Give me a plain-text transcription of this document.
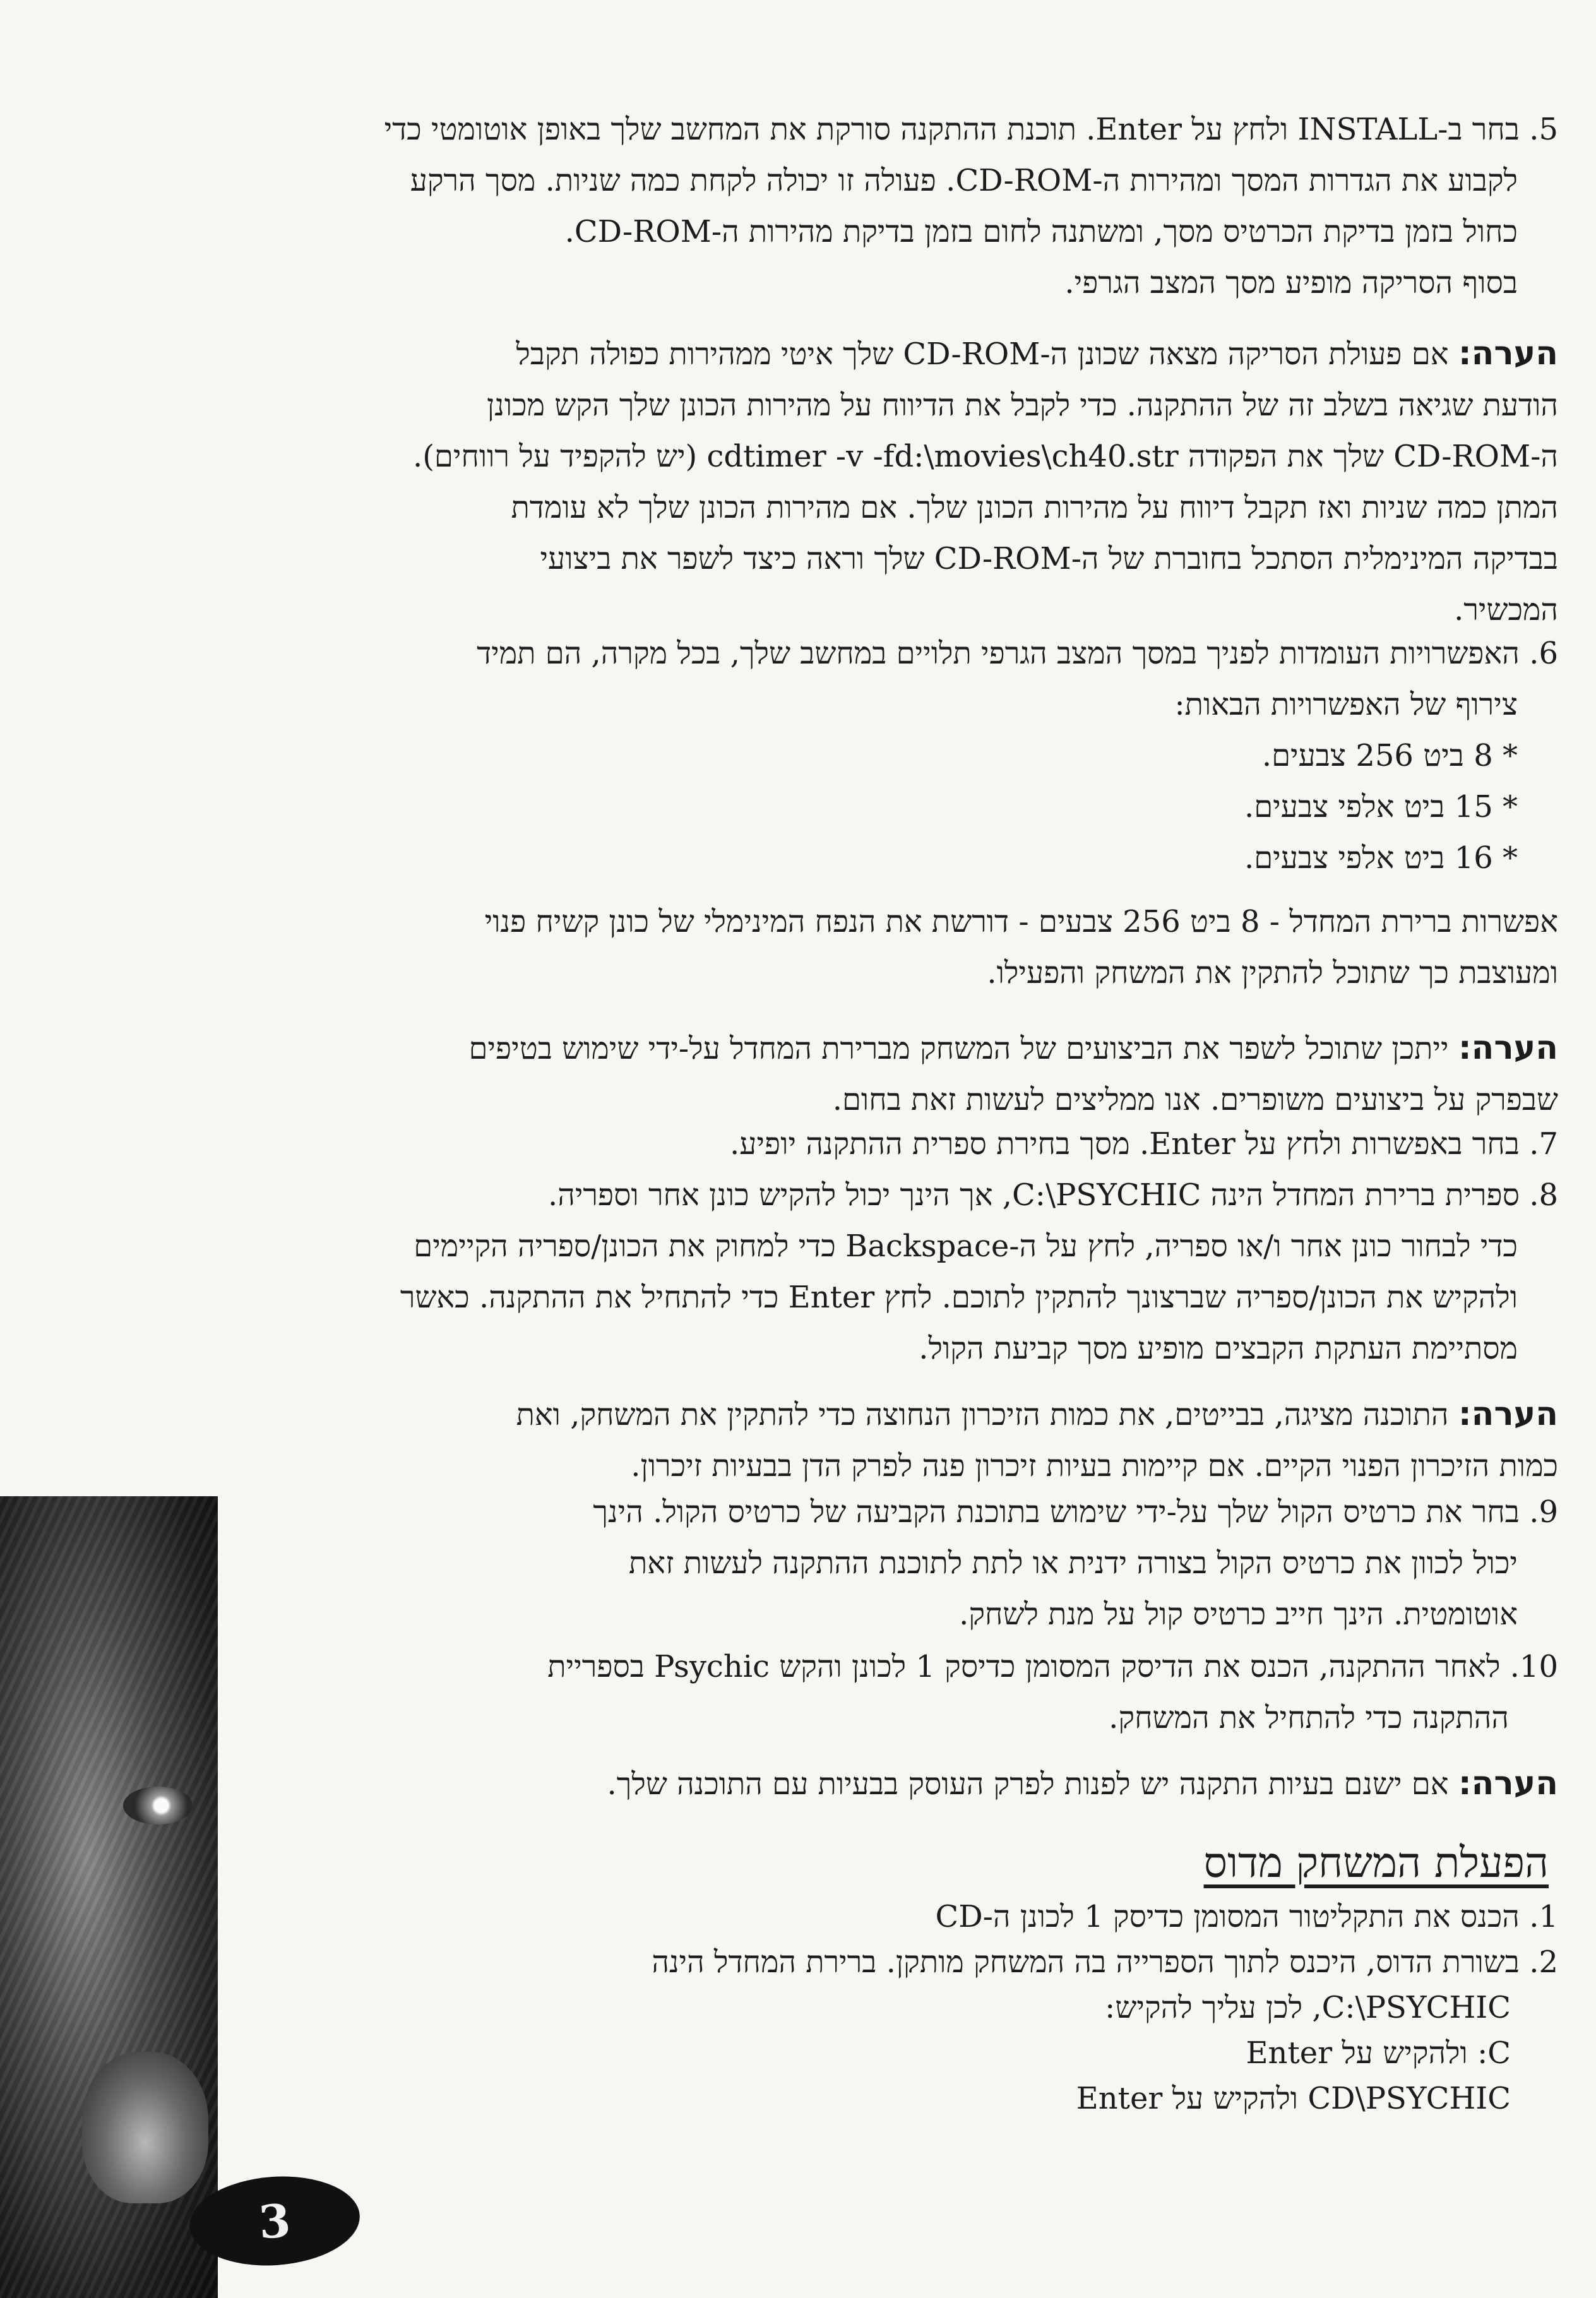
5. בחר ב-INSTALL ולחץ על Enter. תוכנת ההתקנה סורקת את המחשב שלך באופן אוטומטי כדי

לקבוע את הגדרות המסך ומהירות ה-CD-ROM. פעולה זו יכולה לקחת כמה שניות. מסך הרקע

כחול בזמן בדיקת הכרטיס מסך, ומשתנה לחום בזמן בדיקת מהירות ה-CD-ROM.

בסוף הסריקה מופיע מסך המצב הגרפי.

הערה: אם פעולת הסריקה מצאה שכונן ה-CD-ROM שלך איטי ממהירות כפולה תקבל

הודעת שגיאה בשלב זה של ההתקנה. כדי לקבל את הדיווח על מהירות הכונן שלך הקש מכונן

ה-CD-ROM שלך את הפקודה cdtimer -v -fd:\movies\ch40.str (יש להקפיד על רווחים).

המתן כמה שניות ואז תקבל דיווח על מהירות הכונן שלך. אם מהירות הכונן שלך לא עומדת

בבדיקה המינימלית הסתכל בחוברת של ה-CD-ROM שלך וראה כיצד לשפר את ביצועי

המכשיר.

6. האפשרויות העומדות לפניך במסך המצב הגרפי תלויים במחשב שלך, בכל מקרה, הם תמיד

צירוף של האפשרויות הבאות:

* 8 ביט 256 צבעים.

* 15 ביט אלפי צבעים.

* 16 ביט אלפי צבעים.

אפשרות ברירת המחדל - 8 ביט 256 צבעים - דורשת את הנפח המינימלי של כונן קשיח פנוי

ומעוצבת כך שתוכל להתקין את המשחק והפעילו.

הערה: ייתכן שתוכל לשפר את הביצועים של המשחק מברירת המחדל על-ידי שימוש בטיפים

שבפרק על ביצועים משופרים. אנו ממליצים לעשות זאת בחום.

7. בחר באפשרות ולחץ על Enter. מסך בחירת ספרית ההתקנה יופיע.

8. ספרית ברירת המחדל הינה C:\PSYCHIC, אך הינך יכול להקיש כונן אחר וספריה.

כדי לבחור כונן אחר ו/או ספריה, לחץ על ה-Backspace כדי למחוק את הכונן/ספריה הקיימים

ולהקיש את הכונן/ספריה שברצונך להתקין לתוכם. לחץ Enter כדי להתחיל את ההתקנה. כאשר

מסתיימת העתקת הקבצים מופיע מסך קביעת הקול.

הערה: התוכנה מציגה, בבייטים, את כמות הזיכרון הנחוצה כדי להתקין את המשחק, ואת

כמות הזיכרון הפנוי הקיים. אם קיימות בעיות זיכרון פנה לפרק הדן בבעיות זיכרון.

9. בחר את כרטיס הקול שלך על-ידי שימוש בתוכנת הקביעה של כרטיס הקול. הינך

יכול לכוון את כרטיס הקול בצורה ידנית או לתת לתוכנת ההתקנה לעשות זאת

אוטומטית. הינך חייב כרטיס קול על מנת לשחק.

10. לאחר ההתקנה, הכנס את הדיסק המסומן כדיסק 1 לכונן והקש Psychic בספריית

ההתקנה כדי להתחיל את המשחק.

הערה: אם ישנם בעיות התקנה יש לפנות לפרק העוסק בבעיות עם התוכנה שלך.

הפעלת המשחק מדוס

1. הכנס את התקליטור המסומן כדיסק 1 לכונן ה-CD

2. בשורת הדוס, היכנס לתוך הספרייה בה המשחק מותקן. ברירת המחדל הינה

C:\PSYCHIC, לכן עליך להקיש:

C: ולהקיש על Enter

CD\PSYCHIC ולהקיש על Enter

3
